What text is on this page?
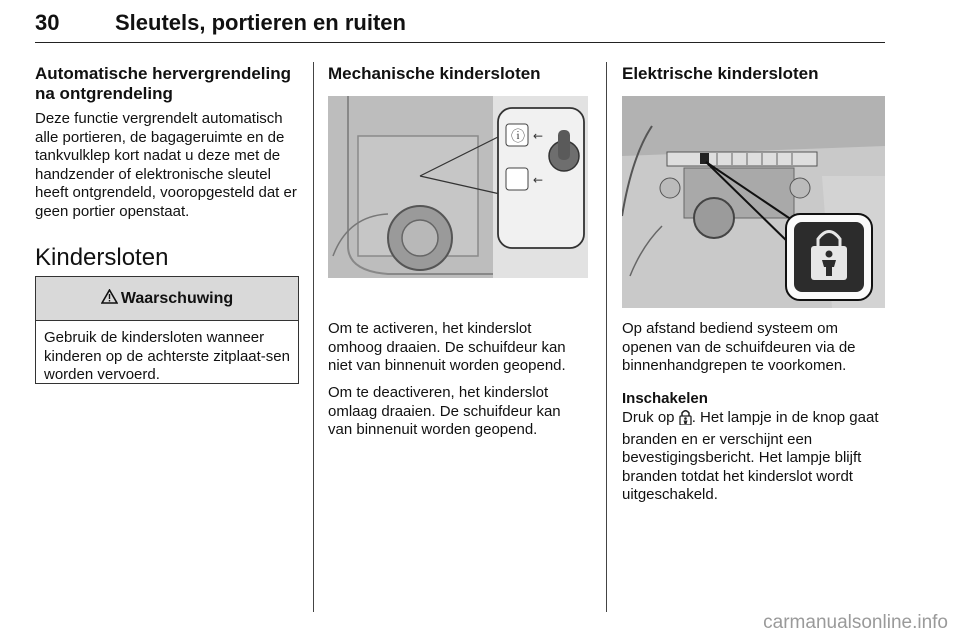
30	Sleutels, portieren en ruiten
Automatische hervergrendeling na ontgrendeling

Deze functie vergrendelt automatisch alle portieren, de bagageruimte en de tankvulklep kort nadat u deze met de handzender of elektronische sleutel heeft ontgrendeld, vooropgesteld dat er geen portier openstaat.

Kindersloten
Waarschuwing
Gebruik de kindersloten wanneer kinderen op de achterste zitplaat-sen worden vervoerd.
Mechanische kindersloten
ⓘ ←
←

Om te activeren, het kinderslot omhoog draaien. De schuifdeur kan niet van binnenuit worden geopend.

Om te deactiveren, het kinderslot omlaag draaien. De schuifdeur kan van binnenuit worden geopend.

Elektrische kindersloten

Op afstand bediend systeem om openen van de schuifdeuren via de binnenhandgrepen te voorkomen.

Inschakelen

Druk op . Het lampje in de knop gaat branden en er verschijnt een bevestigingsbericht. Het lampje blijft branden totdat het kinderslot wordt uitgeschakeld.

carmanualsonline.info
